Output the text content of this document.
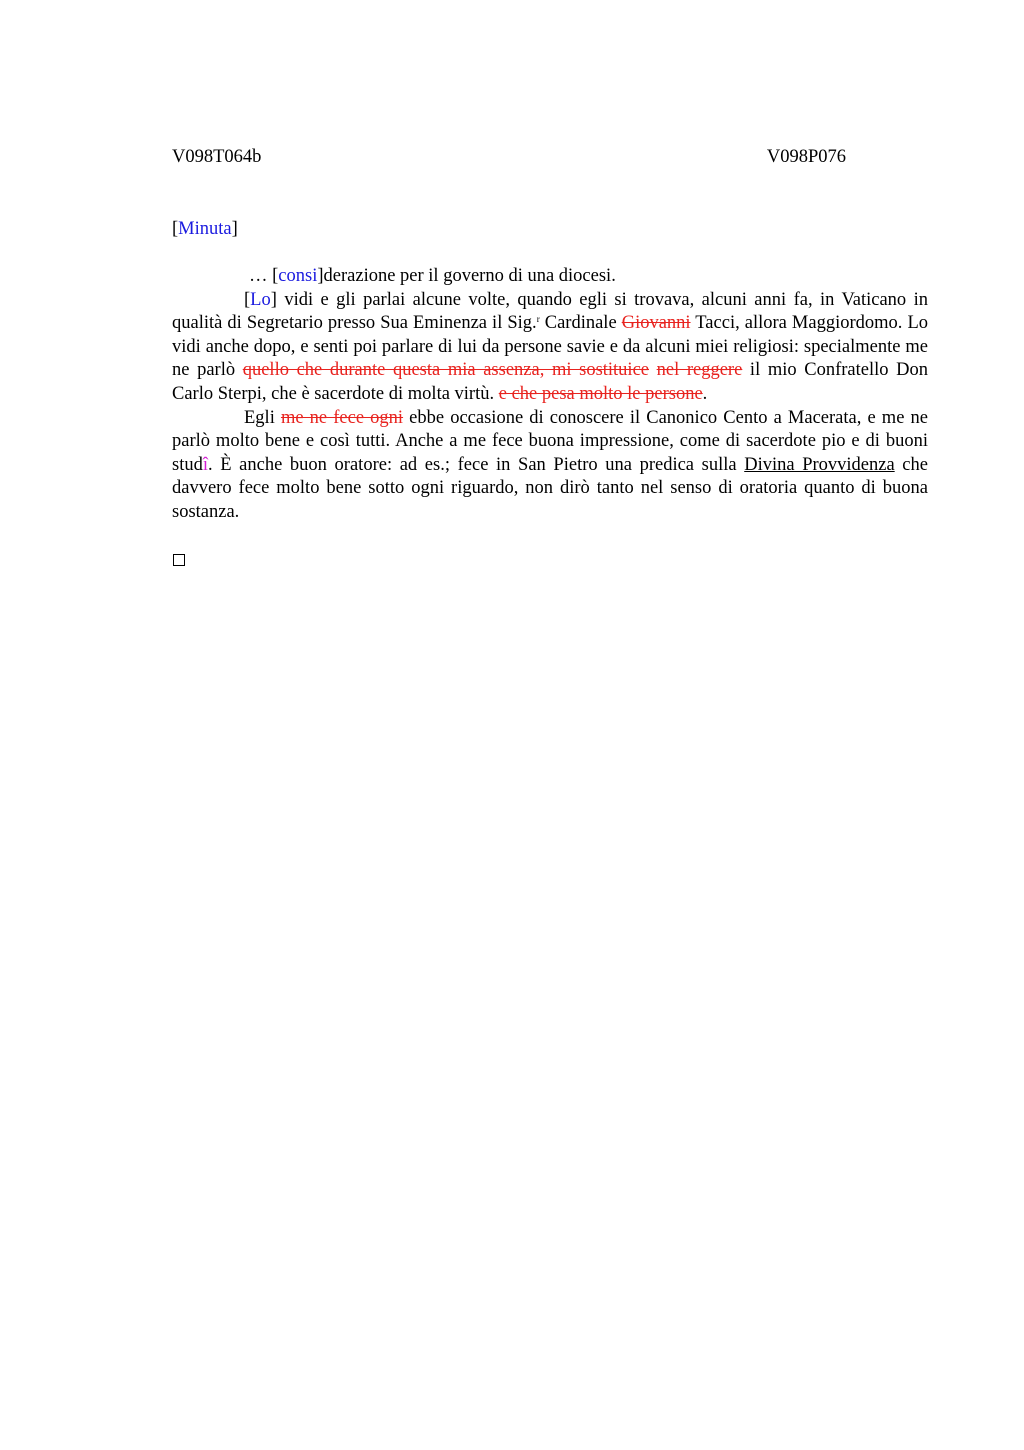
V098T064b	V098P076
[Minuta]

… [consi]derazione per il governo di una diocesi.

[Lo] vidi e gli parlai alcune volte, quando egli si trovava, alcuni anni fa, in Vaticano in qualità di Segretario presso Sua Eminenza il Sig.$^r$ Cardinale Giovanni Tacci, allora Maggiordomo. Lo vidi anche dopo, e senti poi parlare di lui da persone savie e da alcuni miei religiosi: specialmente me ne parlò quello che durante questa mia assenza, mi sostituice nel reggere il mio Confratello Don Carlo Sterpi, che è sacerdote di molta virtù. e che pesa molto le persone.

Egli me ne fece ogni ebbe occasione di conoscere il Canonico Cento a Macerata, e me ne parlò molto bene e così tutti. Anche a me fece buona impressione, come di sacerdote pio e di buoni studî. È anche buon oratore: ad es.; fece in San Pietro una predica sulla Divina Provvidenza che davvero fece molto bene sotto ogni riguardo, non dirò tanto nel senso di oratoria quanto di buona sostanza.
